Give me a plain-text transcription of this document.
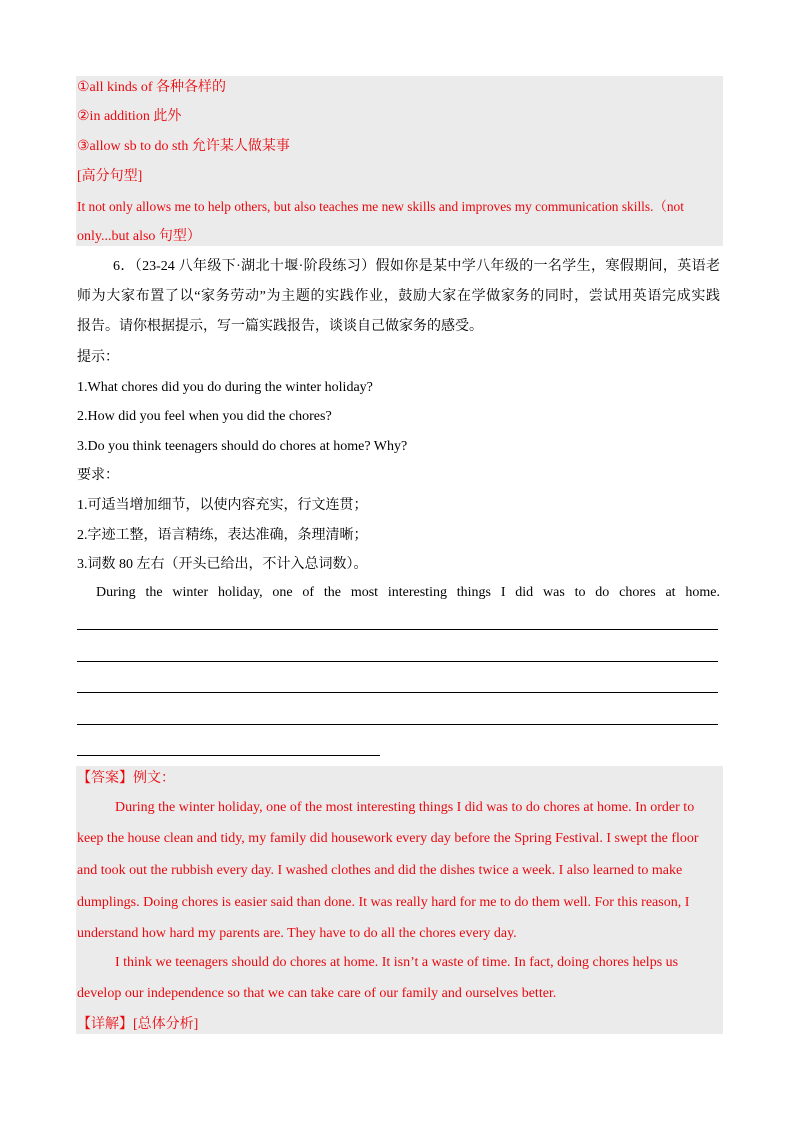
①all kinds of 各种各样的
②in addition 此外
③allow sb to do sth 允许某人做某事
[高分句型]
It not only allows me to help others, but also teaches me new skills and improves my communication skills.（not
only...but also 句型）
6．（23-24 八年级下·湖北十堰·阶段练习）假如你是某中学八年级的一名学生，寒假期间，英语老
师为大家布置了以“家务劳动”为主题的实践作业，鼓励大家在学做家务的同时，尝试用英语完成实践
报告。请你根据提示，写一篇实践报告，谈谈自己做家务的感受。
提示：
1.What chores did you do during the winter holiday?
2.How did you feel when you did the chores?
3.Do you think teenagers should do chores at home? Why?
要求：
1.可适当增加细节，以使内容充实，行文连贯；
2.字迹工整，语言精练，表达准确，条理清晰；
3.词数 80 左右（开头已给出，不计入总词数）。
During the winter holiday, one of the most interesting things I did was to do chores at home.
【答案】例文：
During the winter holiday, one of the most interesting things I did was to do chores at home. In order to
keep the house clean and tidy, my family did housework every day before the Spring Festival. I swept the floor
and took out the rubbish every day. I washed clothes and did the dishes twice a week. I also learned to make
dumplings. Doing chores is easier said than done. It was really hard for me to do them well. For this reason, I
understand how hard my parents are. They have to do all the chores every day.
I think we teenagers should do chores at home. It isn’t a waste of time. In fact, doing chores helps us
develop our independence so that we can take care of our family and ourselves better.
【详解】[总体分析]
